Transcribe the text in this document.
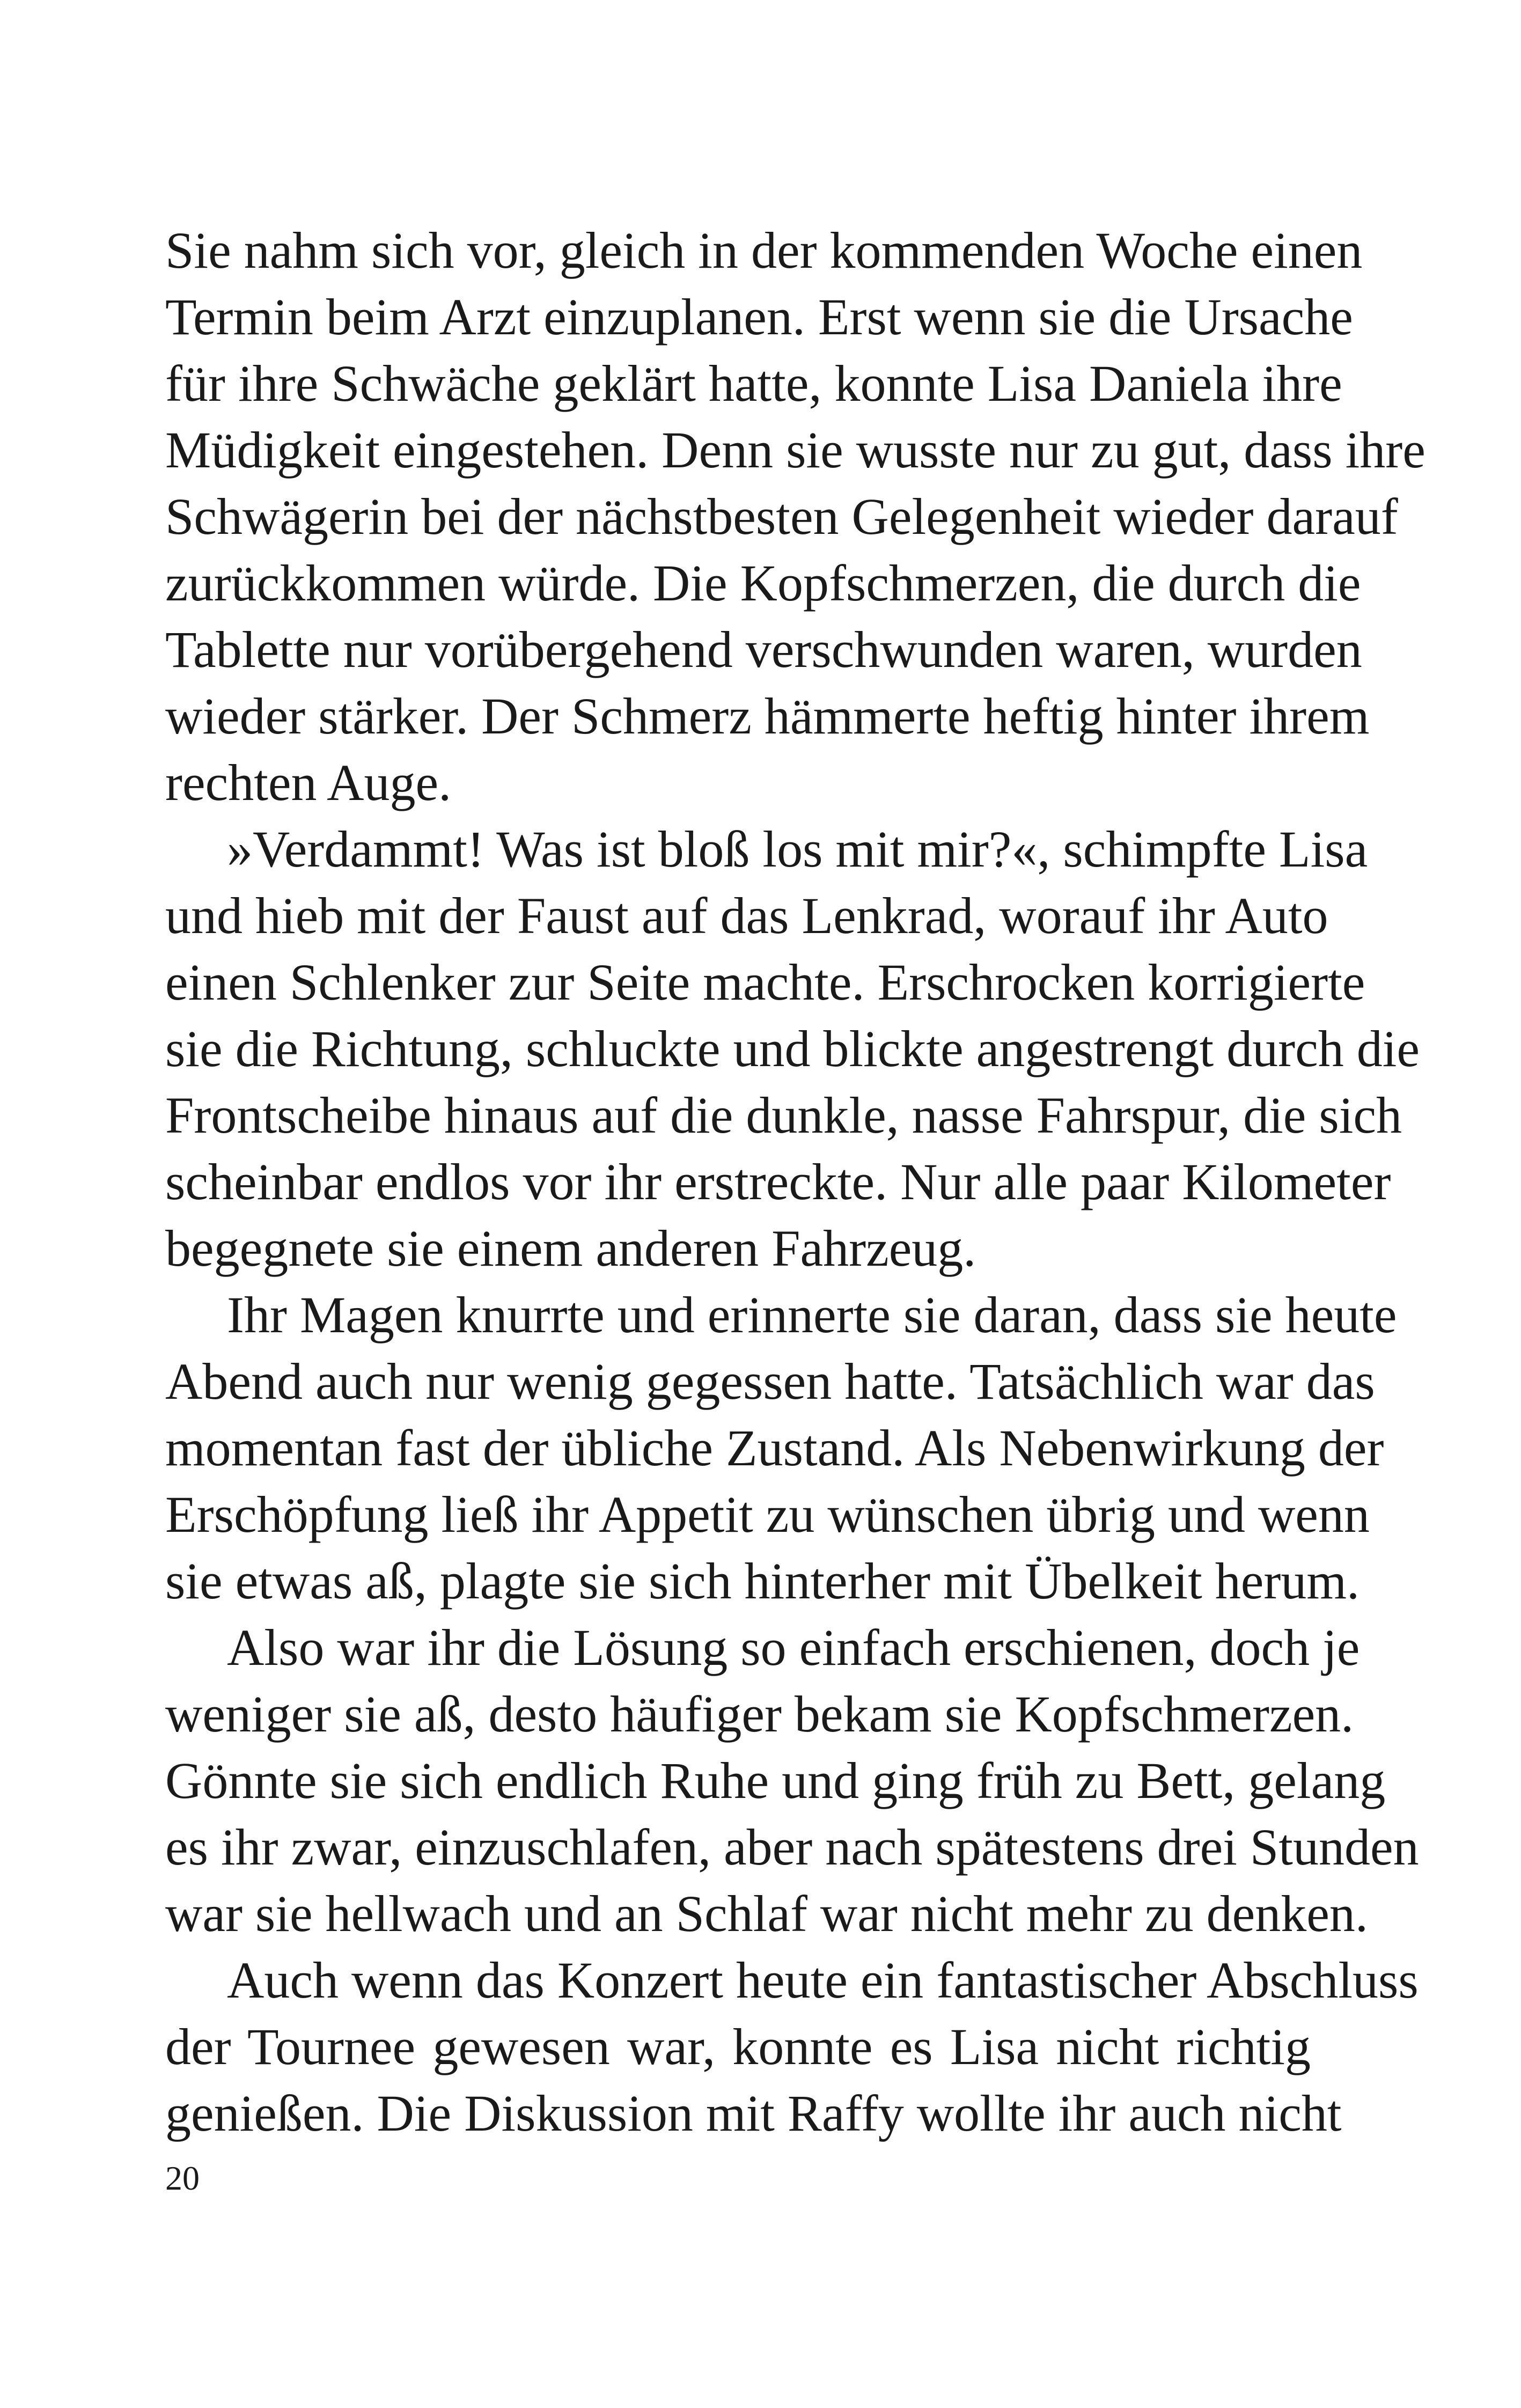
Sie nahm sich vor, gleich in der kommenden Woche einen
Termin beim Arzt einzuplanen. Erst wenn sie die Ursache
für ihre Schwäche geklärt hatte, konnte Lisa Daniela ihre
Müdigkeit eingestehen. Denn sie wusste nur zu gut, dass ihre
Schwägerin bei der nächstbesten Gelegenheit wieder darauf
zurückkommen würde. Die Kopfschmerzen, die durch die
Tablette nur vorübergehend verschwunden waren, wurden
wieder stärker. Der Schmerz hämmerte heftig hinter ihrem
rechten Auge.
»Verdammt! Was ist bloß los mit mir?«, schimpfte Lisa
und hieb mit der Faust auf das Lenkrad, worauf ihr Auto
einen Schlenker zur Seite machte. Erschrocken korrigierte
sie die Richtung, schluckte und blickte angestrengt durch die
Frontscheibe hinaus auf die dunkle, nasse Fahrspur, die sich
scheinbar endlos vor ihr erstreckte. Nur alle paar Kilometer
begegnete sie einem anderen Fahrzeug.
Ihr Magen knurrte und erinnerte sie daran, dass sie heute
Abend auch nur wenig gegessen hatte. Tatsächlich war das
momentan fast der übliche Zustand. Als Nebenwirkung der
Erschöpfung ließ ihr Appetit zu wünschen übrig und wenn
sie etwas aß, plagte sie sich hinterher mit Übelkeit herum.
Also war ihr die Lösung so einfach erschienen, doch je
weniger sie aß, desto häufiger bekam sie Kopfschmerzen.
Gönnte sie sich endlich Ruhe und ging früh zu Bett, gelang
es ihr zwar, einzuschlafen, aber nach spätestens drei Stunden
war sie hellwach und an Schlaf war nicht mehr zu denken.
Auch wenn das Konzert heute ein fantastischer Abschluss
der Tournee gewesen war, konnte es Lisa nicht richtig
genießen. Die Diskussion mit Raffy wollte ihr auch nicht
20
